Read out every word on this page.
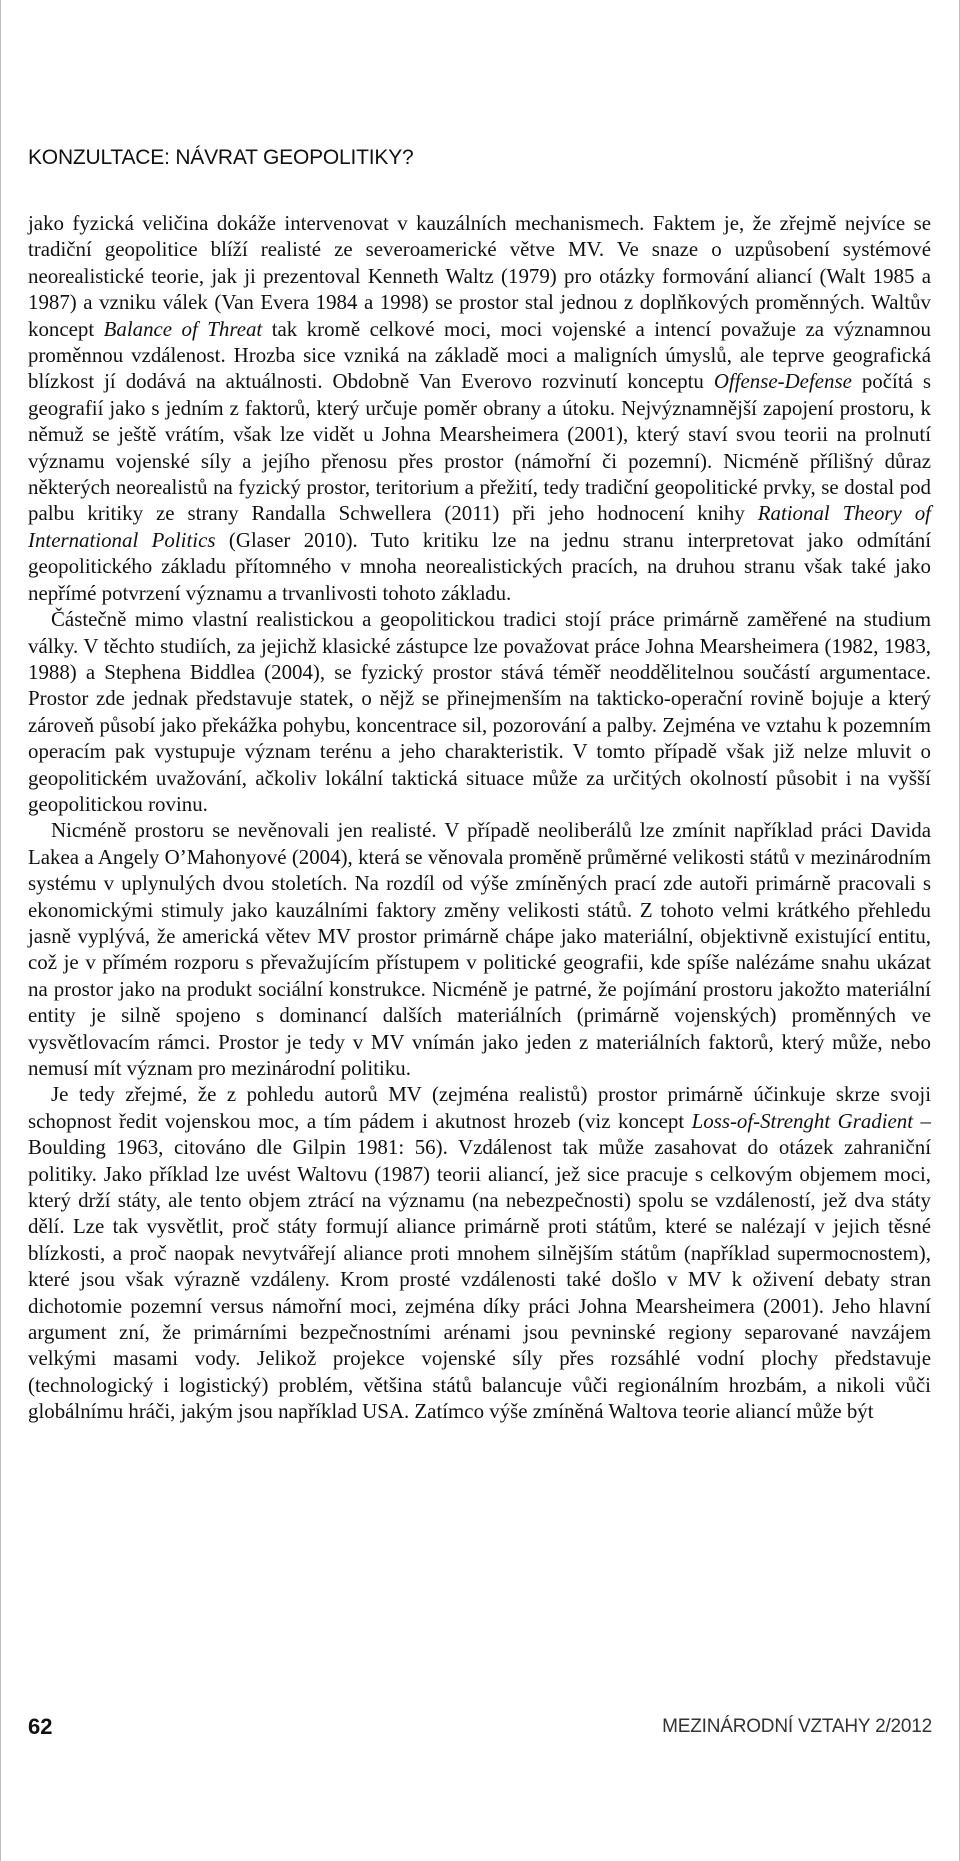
KONZULTACE: NÁVRAT GEOPOLITIKY?

jako fyzická veličina dokáže intervenovat v kauzálních mechanismech. Faktem je, že zřejmě nejvíce se tradiční geopolitice blíží realisté ze severoamerické větve MV. Ve snaze o uzpůsobení systémové neorealistické teorie, jak ji prezentoval Kenneth Waltz (1979) pro otázky formování aliancí (Walt 1985 a 1987) a vzniku válek (Van Evera 1984 a 1998) se prostor stal jednou z doplňkových proměnných. Waltův koncept Balance of Threat tak kromě celkové moci, moci vojenské a intencí považuje za významnou proměnnou vzdálenost. Hrozba sice vzniká na základě moci a maligních úmyslů, ale teprve geografická blízkost jí dodává na aktuálnosti. Obdobně Van Everovo rozvinutí konceptu Offense-Defense počítá s geografií jako s jedním z faktorů, který určuje poměr obrany a útoku. Nejvýznamnější zapojení prostoru, k němuž se ještě vrátím, však lze vidět u Johna Mearsheimera (2001), který staví svou teorii na prolnutí významu vojenské síly a jejího přenosu přes prostor (námořní či pozemní). Nicméně přílišný důraz některých neorealistů na fyzický prostor, teritorium a přežití, tedy tradiční geopolitické prvky, se dostal pod palbu kritiky ze strany Randalla Schwellera (2011) při jeho hodnocení knihy Rational Theory of International Politics (Glaser 2010). Tuto kritiku lze na jednu stranu interpretovat jako odmítání geopolitického základu přítomného v mnoha neorealistických pracích, na druhou stranu však také jako nepřímé potvrzení významu a trvanlivosti tohoto základu.

Částečně mimo vlastní realistickou a geopolitickou tradici stojí práce primárně zaměřené na studium války. V těchto studiích, za jejichž klasické zástupce lze považovat práce Johna Mearsheimera (1982, 1983, 1988) a Stephena Biddlea (2004), se fyzický prostor stává téměř neoddělitelnou součástí argumentace. Prostor zde jednak představuje statek, o nějž se přinejmenším na takticko-operační rovině bojuje a který zároveň působí jako překážka pohybu, koncentrace sil, pozorování a palby. Zejména ve vztahu k pozemním operacím pak vystupuje význam terénu a jeho charakteristik. V tomto případě však již nelze mluvit o geopolitickém uvažování, ačkoliv lokální taktická situace může za určitých okolností působit i na vyšší geopolitickou rovinu.

Nicméně prostoru se nevěnovali jen realisté. V případě neoliberálů lze zmínit například práci Davida Lakea a Angely O’Mahonyové (2004), která se věnovala proměně průměrné velikosti států v mezinárodním systému v uplynulých dvou stoletích. Na rozdíl od výše zmíněných prací zde autoři primárně pracovali s ekonomickými stimuly jako kauzálními faktory změny velikosti států. Z tohoto velmi krátkého přehledu jasně vyplývá, že americká větev MV prostor primárně chápe jako materiální, objektivně existující entitu, což je v přímém rozporu s převažujícím přístupem v politické geografii, kde spíše nalézáme snahu ukázat na prostor jako na produkt sociální konstrukce. Nicméně je patrné, že pojímání prostoru jakožto materiální entity je silně spojeno s dominancí dalších materiálních (primárně vojenských) proměnných ve vysvětlovacím rámci. Prostor je tedy v MV vnímán jako jeden z materiálních faktorů, který může, nebo nemusí mít význam pro mezinárodní politiku.

Je tedy zřejmé, že z pohledu autorů MV (zejména realistů) prostor primárně účinkuje skrze svoji schopnost ředit vojenskou moc, a tím pádem i akutnost hrozeb (viz koncept Loss-of-Strenght Gradient – Boulding 1963, citováno dle Gilpin 1981: 56). Vzdálenost tak může zasahovat do otázek zahraniční politiky. Jako příklad lze uvést Waltovu (1987) teorii aliancí, jež sice pracuje s celkovým objemem moci, který drží státy, ale tento objem ztrácí na významu (na nebezpečnosti) spolu se vzdáleností, jež dva státy dělí. Lze tak vysvětlit, proč státy formují aliance primárně proti státům, které se nalézají v jejich těsné blízkosti, a proč naopak nevytvářejí aliance proti mnohem silnějším státům (například supermocnostem), které jsou však výrazně vzdáleny. Krom prosté vzdálenosti také došlo v MV k oživení debaty stran dichotomie pozemní versus námořní moci, zejména díky práci Johna Mearsheimera (2001). Jeho hlavní argument zní, že primárními bezpečnostními arénami jsou pevninské regiony separované navzájem velkými masami vody. Jelikož projekce vojenské síly přes rozsáhlé vodní plochy představuje (technologický i logistický) problém, většina států balancuje vůči regionálním hrozbám, a nikoli vůči globálnímu hráči, jakým jsou například USA. Zatímco výše zmíněná Waltova teorie aliancí může být

62	MEZINÁRODNÍ VZTAHY 2/2012
